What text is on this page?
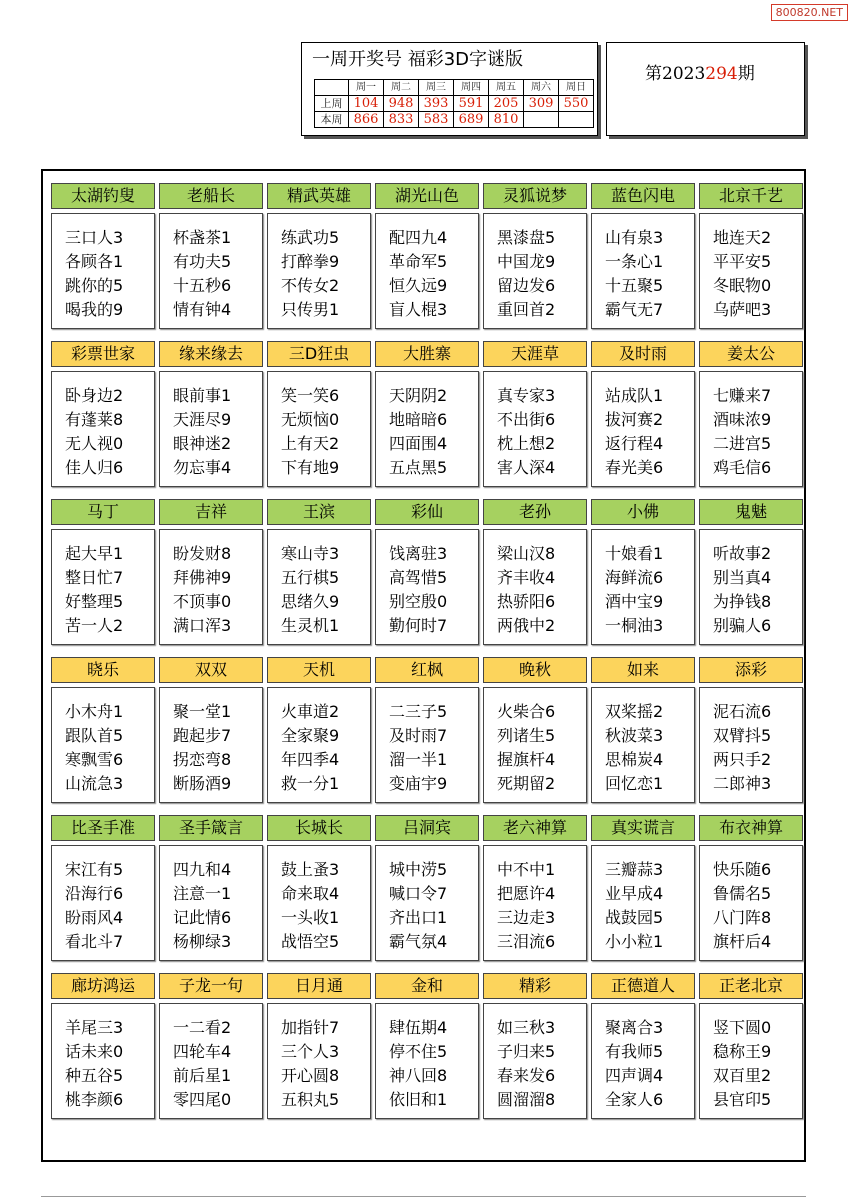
800820.NET
一周开奖号 福彩3D字谜版
	周一	周二	周三	周四	周五	周六	周日
上周	104	948	393	591	205	309	550
本周	866	833	583	689	810		
第2023294期
太湖钓叟
三口人3
各顾各1
跳你的5
喝我的9
老船长
杯盏茶1
有功夫5
十五秒6
情有钟4
精武英雄
练武功5
打醉拳9
不传女2
只传男1
湖光山色
配四九4
革命军5
恒久远9
盲人棍3
灵狐说梦
黑漆盘5
中国龙9
留边发6
重回首2
蓝色闪电
山有泉3
一条心1
十五聚5
霸气无7
北京千艺
地连天2
平平安5
冬眠物0
乌萨吧3
彩票世家
卧身边2
有蓬莱8
无人视0
佳人归6
缘来缘去
眼前事1
天涯尽9
眼神迷2
勿忘事4
三D狂虫
笑一笑6
无烦恼0
上有天2
下有地9
大胜寨
天阴阴2
地暗暗6
四面围4
五点黑5
天涯草
真专家3
不出街6
枕上想2
害人深4
及时雨
站成队1
拔河赛2
返行程4
春光美6
姜太公
七赚来7
酒味浓9
二进宫5
鸡毛信6
马丁
起大早1
整日忙7
好整理5
苦一人2
吉祥
盼发财8
拜佛神9
不顶事0
满口浑3
王滨
寒山寺3
五行棋5
思绪久9
生灵机1
彩仙
饯离驻3
高驾惜5
别空殷0
勤何时7
老孙
梁山汉8
齐丰收4
热骄阳6
两俄中2
小佛
十娘看1
海鲜流6
酒中宝9
一桐油3
鬼魅
听故事2
别当真4
为挣钱8
别骗人6
晓乐
小木舟1
跟队首5
寒飘雪6
山流急3
双双
聚一堂1
跑起步7
拐恋弯8
断肠酒9
天机
火車道2
全家聚9
年四季4
救一分1
红枫
二三子5
及时雨7
溜一半1
变庙宇9
晚秋
火柴合6
列诸生5
握旗杆4
死期留2
如来
双桨摇2
秋波菜3
思棉炭4
回忆恋1
添彩
泥石流6
双臂抖5
两只手2
二郎神3
比圣手准
宋江有5
沿海行6
盼雨风4
看北斗7
圣手箴言
四九和4
注意一1
记此情6
杨柳绿3
长城长
鼓上蚤3
命来取4
一头收1
战悟空5
吕洞宾
城中涝5
喊口令7
齐出口1
霸气氛4
老六神算
中不中1
把愿许4
三边走3
三泪流6
真实谎言
三瓣蒜3
业早成4
战鼓园5
小小粒1
布衣神算
快乐随6
鲁儒名5
八门阵8
旗杆后4
廊坊鸿运
羊尾三3
话未来0
种五谷5
桃李颜6
子龙一句
一二看2
四轮车4
前后星1
零四尾0
日月通
加指针7
三个人3
开心圆8
五积丸5
金和
肆伍期4
停不住5
神八回8
依旧和1
精彩
如三秋3
子归来5
春来发6
圆溜溜8
正德道人
聚离合3
有我师5
四声调4
全家人6
正老北京
竖下圆0
稳称王9
双百里2
县官印5
